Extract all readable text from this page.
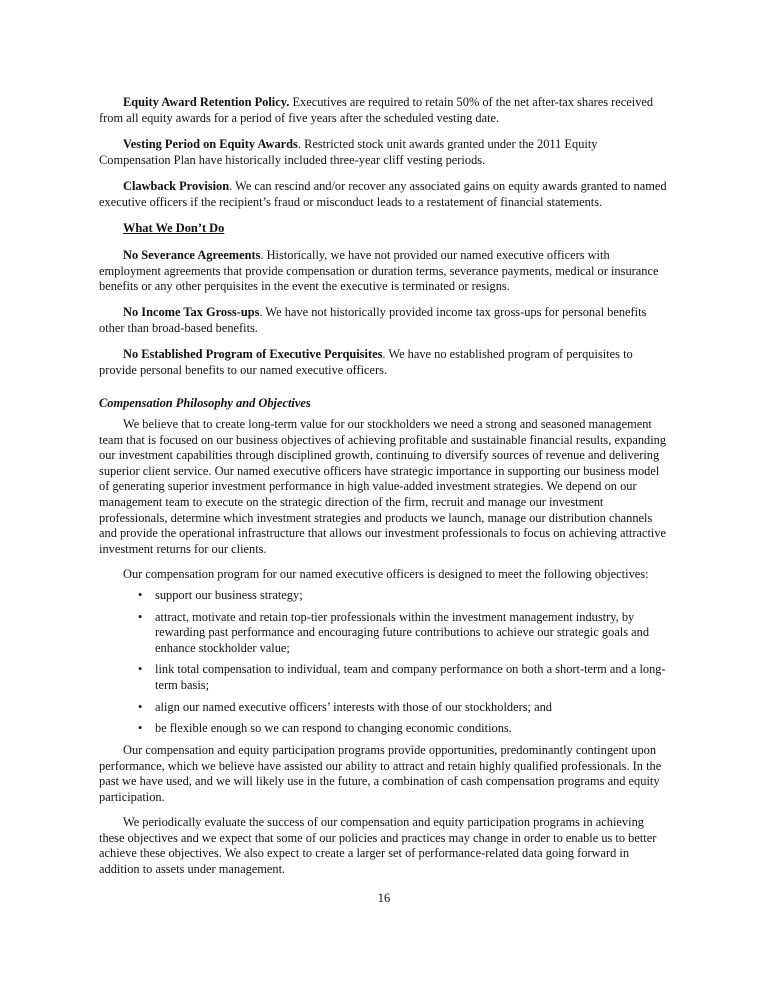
Equity Award Retention Policy. Executives are required to retain 50% of the net after-tax shares received from all equity awards for a period of five years after the scheduled vesting date.

Vesting Period on Equity Awards. Restricted stock unit awards granted under the 2011 Equity Compensation Plan have historically included three-year cliff vesting periods.

Clawback Provision. We can rescind and/or recover any associated gains on equity awards granted to named executive officers if the recipient’s fraud or misconduct leads to a restatement of financial statements.

What We Don’t Do

No Severance Agreements. Historically, we have not provided our named executive officers with employment agreements that provide compensation or duration terms, severance payments, medical or insurance benefits or any other perquisites in the event the executive is terminated or resigns.

No Income Tax Gross-ups. We have not historically provided income tax gross-ups for personal benefits other than broad-based benefits.

No Established Program of Executive Perquisites. We have no established program of perquisites to provide personal benefits to our named executive officers.

Compensation Philosophy and Objectives

We believe that to create long-term value for our stockholders we need a strong and seasoned management team that is focused on our business objectives of achieving profitable and sustainable financial results, expanding our investment capabilities through disciplined growth, continuing to diversify sources of revenue and delivering superior client service. Our named executive officers have strategic importance in supporting our business model of generating superior investment performance in high value-added investment strategies. We depend on our management team to execute on the strategic direction of the firm, recruit and manage our investment professionals, determine which investment strategies and products we launch, manage our distribution channels and provide the operational infrastructure that allows our investment professionals to focus on achieving attractive investment returns for our clients.

Our compensation program for our named executive officers is designed to meet the following objectives:

• support our business strategy;
• attract, motivate and retain top-tier professionals within the investment management industry, by rewarding past performance and encouraging future contributions to achieve our strategic goals and enhance stockholder value;
• link total compensation to individual, team and company performance on both a short-term and a long-term basis;
• align our named executive officers’ interests with those of our stockholders; and
• be flexible enough so we can respond to changing economic conditions.

Our compensation and equity participation programs provide opportunities, predominantly contingent upon performance, which we believe have assisted our ability to attract and retain highly qualified professionals. In the past we have used, and we will likely use in the future, a combination of cash compensation programs and equity participation.

We periodically evaluate the success of our compensation and equity participation programs in achieving these objectives and we expect that some of our policies and practices may change in order to enable us to better achieve these objectives. We also expect to create a larger set of performance-related data going forward in addition to assets under management.

16
